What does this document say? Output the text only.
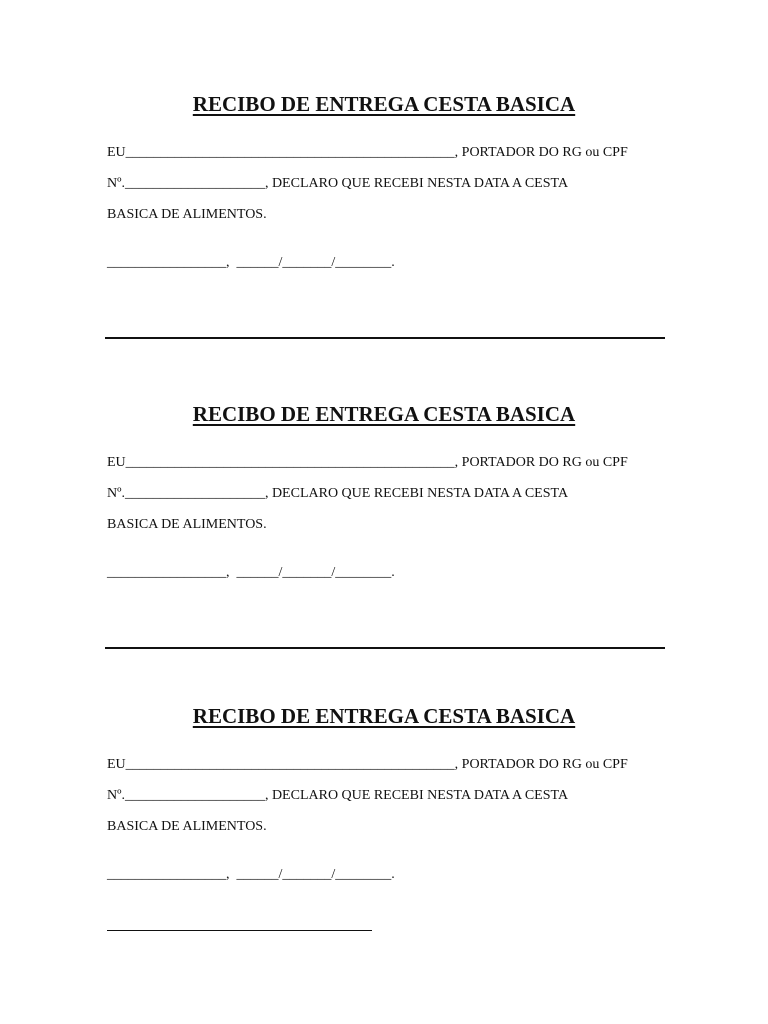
RECIBO DE ENTREGA CESTA BASICA
EU_______________________________________________, PORTADOR DO RG ou CPF
Nº.____________________, DECLARO QUE RECEBI NESTA DATA A CESTA
BASICA DE ALIMENTOS.
_________________,  ______/_______/________.
RECIBO DE ENTREGA CESTA BASICA
EU_______________________________________________, PORTADOR DO RG ou CPF
Nº.____________________, DECLARO QUE RECEBI NESTA DATA A CESTA
BASICA DE ALIMENTOS.
_________________,  ______/_______/________.
RECIBO DE ENTREGA CESTA BASICA
EU_______________________________________________, PORTADOR DO RG ou CPF
Nº.____________________, DECLARO QUE RECEBI NESTA DATA A CESTA
BASICA DE ALIMENTOS.
_________________,  ______/_______/________.
